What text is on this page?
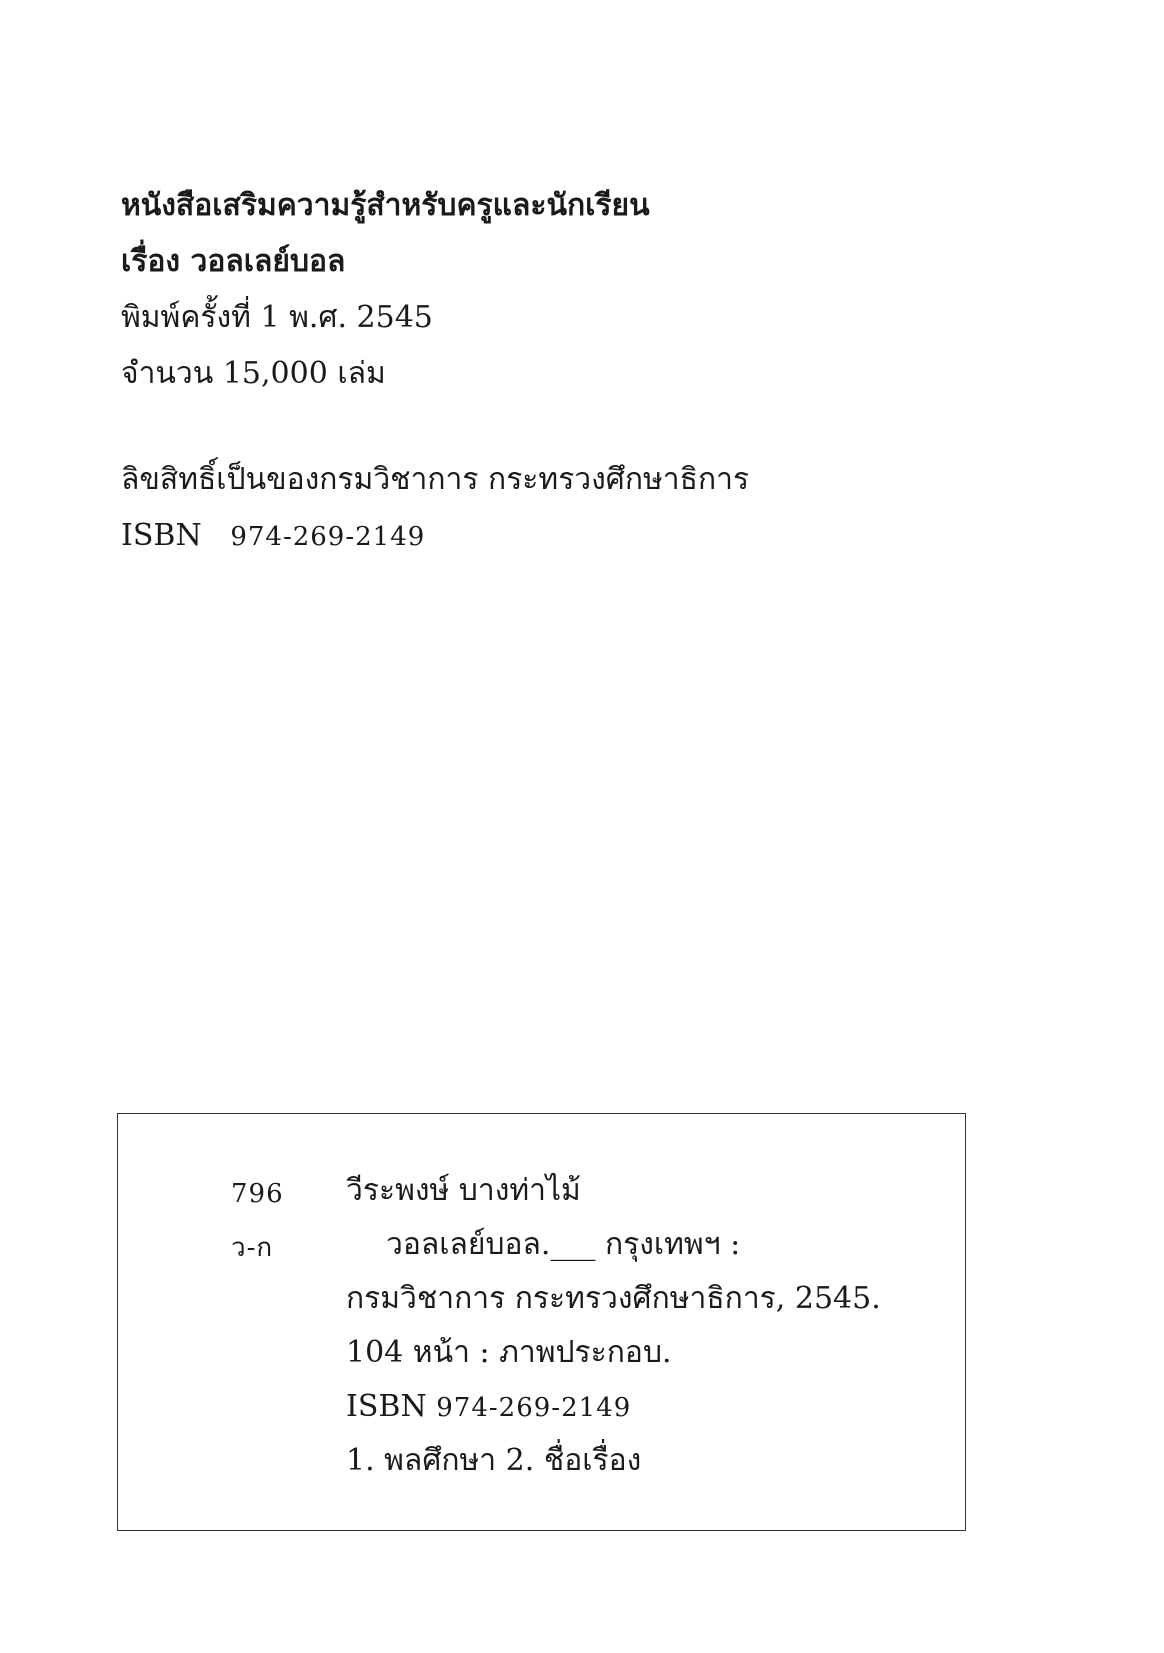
หนังสือเสริมความรู้สำหรับครูและนักเรียน
เรื่อง วอลเลย์บอล
พิมพ์ครั้งที่ 1 พ.ศ. 2545
จำนวน 15,000 เล่ม
ลิขสิทธิ์เป็นของกรมวิชาการ กระทรวงศึกษาธิการ
ISBN 974-269-2149
796 วีระพงษ์ บางท่าไม้
ว-ก	วอลเลย์บอล.___ กรุงเทพฯ :
กรมวิชาการ กระทรวงศึกษาธิการ, 2545.
104 หน้า : ภาพประกอบ.
ISBN 974-269-2149
1. พลศึกษา 2. ชื่อเรื่อง
